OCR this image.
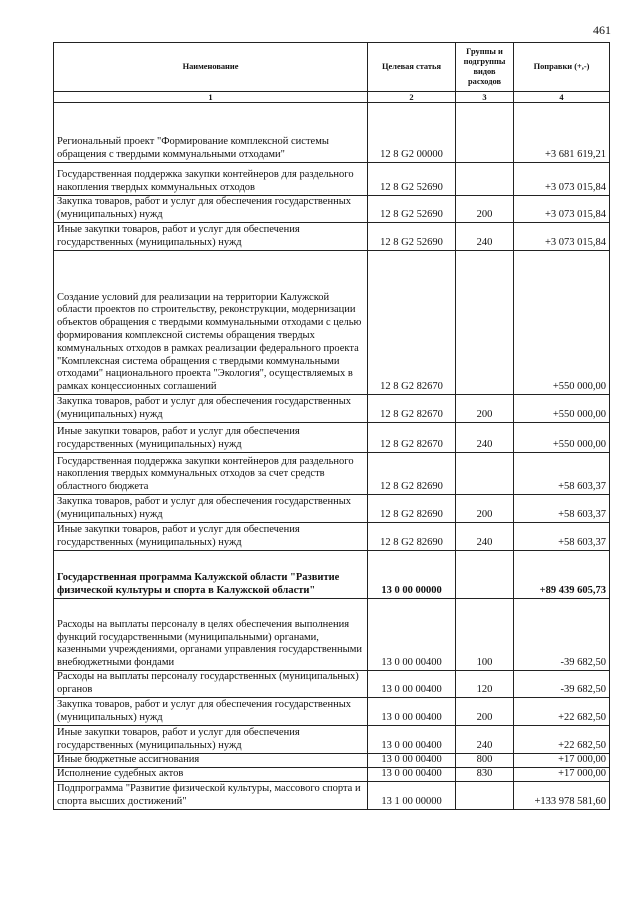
461
Наименование	Целевая статья	Группы и подгруппы видов расходов	Поправки (+,-)
1	2	3	4
Региональный проект "Формирование комплексной системы обращения с твердыми коммунальными отходами"	12 8 G2 00000		+3 681 619,21
Государственная поддержка закупки контейнеров для раздельного накопления твердых коммунальных отходов	12 8 G2 52690		+3 073 015,84
Закупка товаров, работ и услуг для обеспечения государственных (муниципальных) нужд	12 8 G2 52690	200	+3 073 015,84
Иные закупки товаров, работ и услуг для обеспечения государственных (муниципальных) нужд	12 8 G2 52690	240	+3 073 015,84
Создание условий для реализации на территории Калужской области проектов по строительству, реконструкции, модернизации объектов обращения с твердыми коммунальными отходами с целью формирования комплексной системы обращения твердых коммунальных отходов в рамках реализации федерального проекта "Комплексная система обращения с твердыми коммунальными отходами" национального проекта "Экология", осуществляемых в рамках концессионных соглашений	12 8 G2 82670		+550 000,00
Закупка товаров, работ и услуг для обеспечения государственных (муниципальных) нужд	12 8 G2 82670	200	+550 000,00
Иные закупки товаров, работ и услуг для обеспечения государственных (муниципальных) нужд	12 8 G2 82670	240	+550 000,00
Государственная поддержка закупки контейнеров для раздельного накопления твердых коммунальных отходов за счет средств областного бюджета	12 8 G2 82690		+58 603,37
Закупка товаров, работ и услуг для обеспечения государственных (муниципальных) нужд	12 8 G2 82690	200	+58 603,37
Иные закупки товаров, работ и услуг для обеспечения государственных (муниципальных) нужд	12 8 G2 82690	240	+58 603,37
Государственная программа Калужской области "Развитие физической культуры и спорта в Калужской области"	13 0 00 00000		+89 439 605,73
Расходы на выплаты персоналу в целях обеспечения выполнения функций государственными (муниципальными) органами, казенными учреждениями, органами управления государственными внебюджетными фондами	13 0 00 00400	100	-39 682,50
Расходы на выплаты персоналу государственных (муниципальных) органов	13 0 00 00400	120	-39 682,50
Закупка товаров, работ и услуг для обеспечения государственных (муниципальных) нужд	13 0 00 00400	200	+22 682,50
Иные закупки товаров, работ и услуг для обеспечения государственных (муниципальных) нужд	13 0 00 00400	240	+22 682,50
Иные бюджетные ассигнования	13 0 00 00400	800	+17 000,00
Исполнение судебных актов	13 0 00 00400	830	+17 000,00
Подпрограмма "Развитие физической культуры, массового спорта и спорта высших достижений"	13 1 00 00000		+133 978 581,60
